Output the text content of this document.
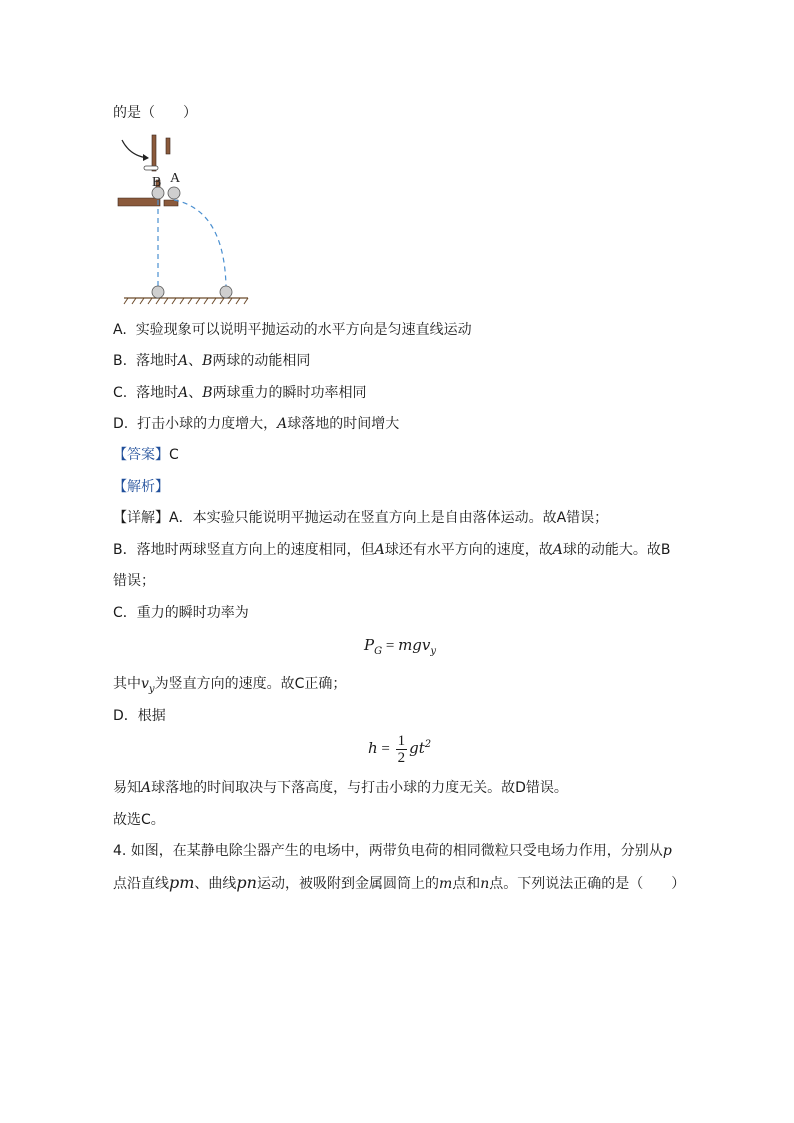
的是（　　）
B A
A. 实验现象可以说明平抛运动的水平方向是匀速直线运动
B. 落地时A、B两球的动能相同
C. 落地时A、B两球重力的瞬时功率相同
D. 打击小球的力度增大，A球落地的时间增大
【答案】C
【解析】
【详解】A．本实验只能说明平抛运动在竖直方向上是自由落体运动。故A错误；
B．落地时两球竖直方向上的速度相同，但A球还有水平方向的速度，故A球的动能大。故B
错误；
C．重力的瞬时功率为
$P_G = mgv_y$
其中$v_y$为竖直方向的速度。故C正确；
D．根据
$h = \frac{1}{2} gt^2$
易知A球落地的时间取决与下落高度，与打击小球的力度无关。故D错误。
故选C。
4. 如图，在某静电除尘器产生的电场中，两带负电荷的相同微粒只受电场力作用，分别从p
点沿直线pm、曲线pn运动，被吸附到金属圆筒上的m点和n点。下列说法正确的是（　　）
